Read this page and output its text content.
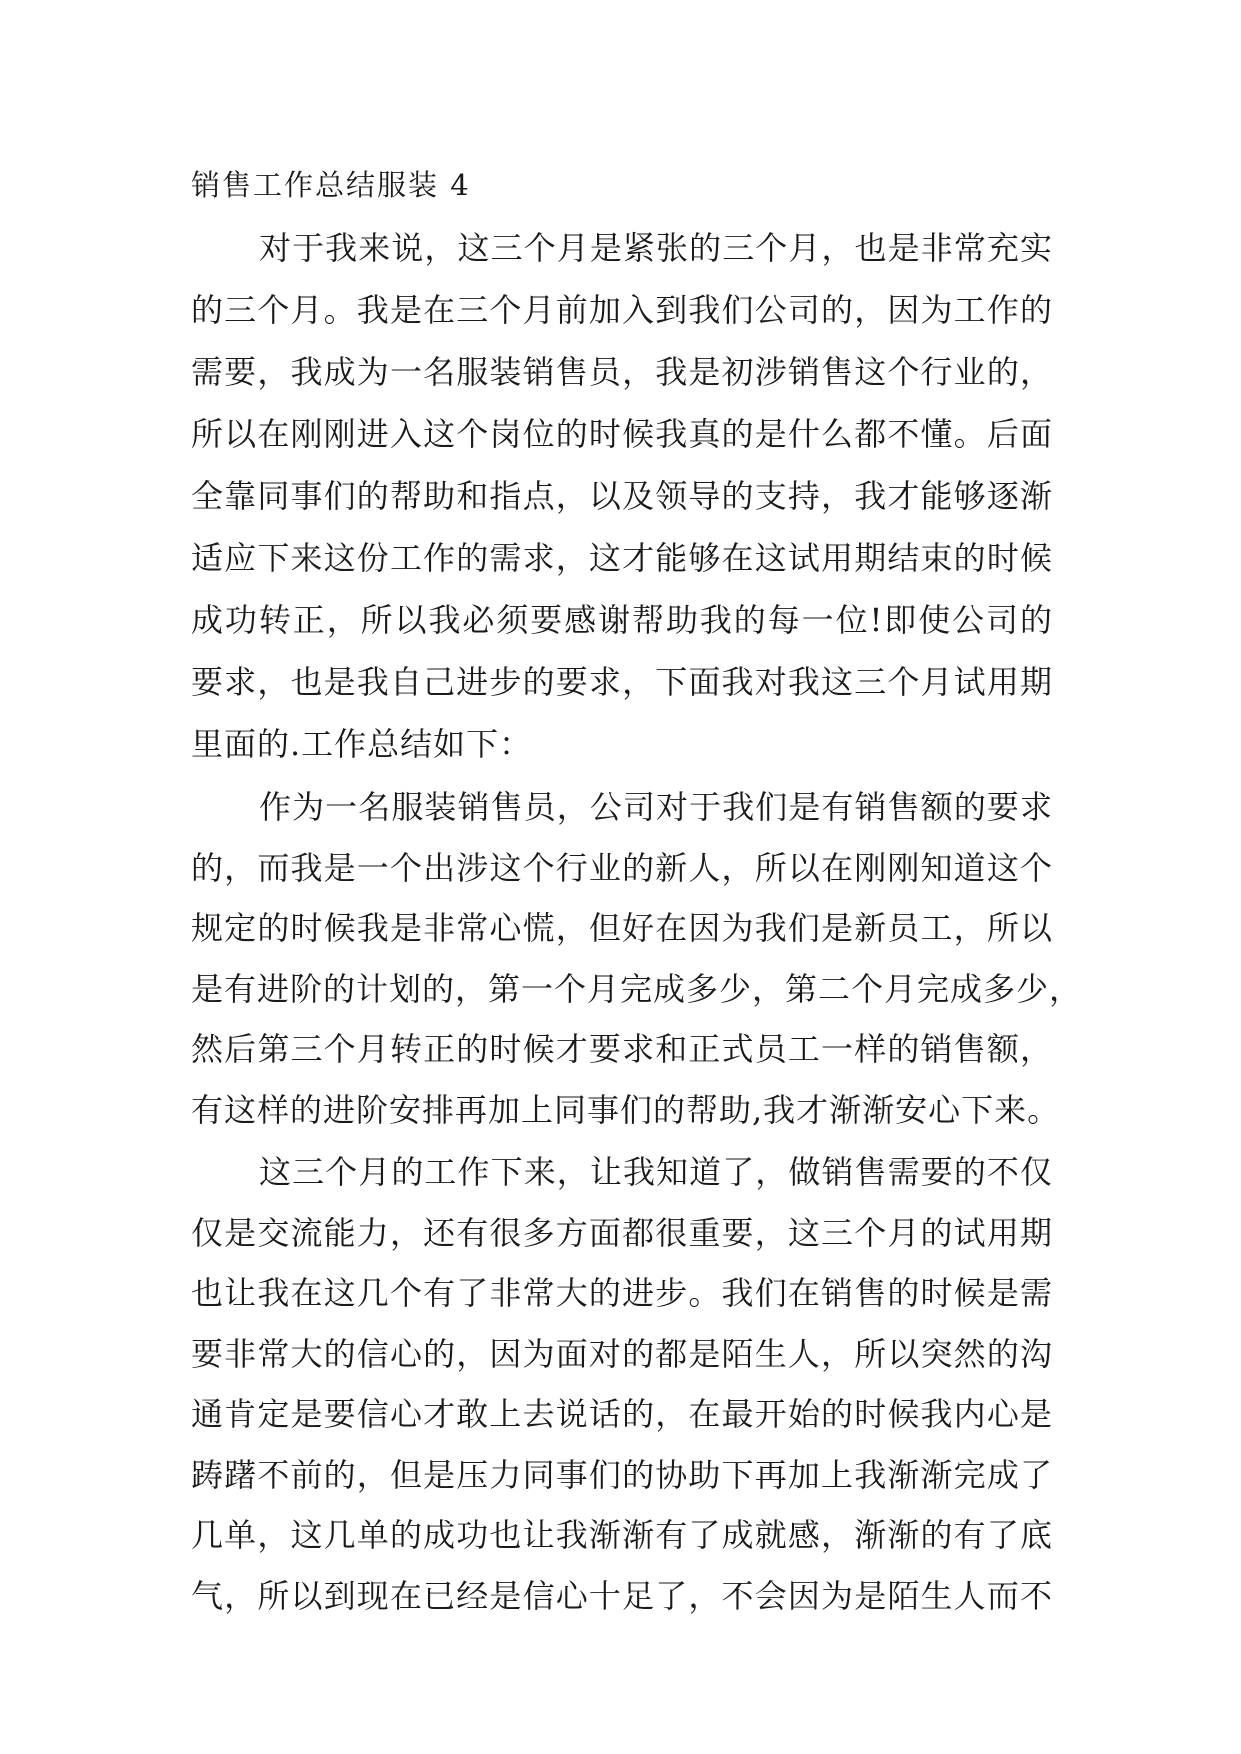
销售工作总结服装 4
对于我来说，这三个月是紧张的三个月，也是非常充实
的三个月。我是在三个月前加入到我们公司的，因为工作的
需要，我成为一名服装销售员，我是初涉销售这个行业的，
所以在刚刚进入这个岗位的时候我真的是什么都不懂。后面
全靠同事们的帮助和指点，以及领导的支持，我才能够逐渐
适应下来这份工作的需求，这才能够在这试用期结束的时候
成功转正，所以我必须要感谢帮助我的每一位!即使公司的
要求，也是我自己进步的要求，下面我对我这三个月试用期
里面的.工作总结如下：
作为一名服装销售员，公司对于我们是有销售额的要求
的，而我是一个出涉这个行业的新人，所以在刚刚知道这个
规定的时候我是非常心慌，但好在因为我们是新员工，所以
是有进阶的计划的，第一个月完成多少，第二个月完成多少，
然后第三个月转正的时候才要求和正式员工一样的销售额，
有这样的进阶安排再加上同事们的帮助,我才渐渐安心下来。
这三个月的工作下来，让我知道了，做销售需要的不仅
仅是交流能力，还有很多方面都很重要，这三个月的试用期
也让我在这几个有了非常大的进步。我们在销售的时候是需
要非常大的信心的，因为面对的都是陌生人，所以突然的沟
通肯定是要信心才敢上去说话的，在最开始的时候我内心是
踌躇不前的，但是压力同事们的协助下再加上我渐渐完成了
几单，这几单的成功也让我渐渐有了成就感，渐渐的有了底
气，所以到现在已经是信心十足了，不会因为是陌生人而不
